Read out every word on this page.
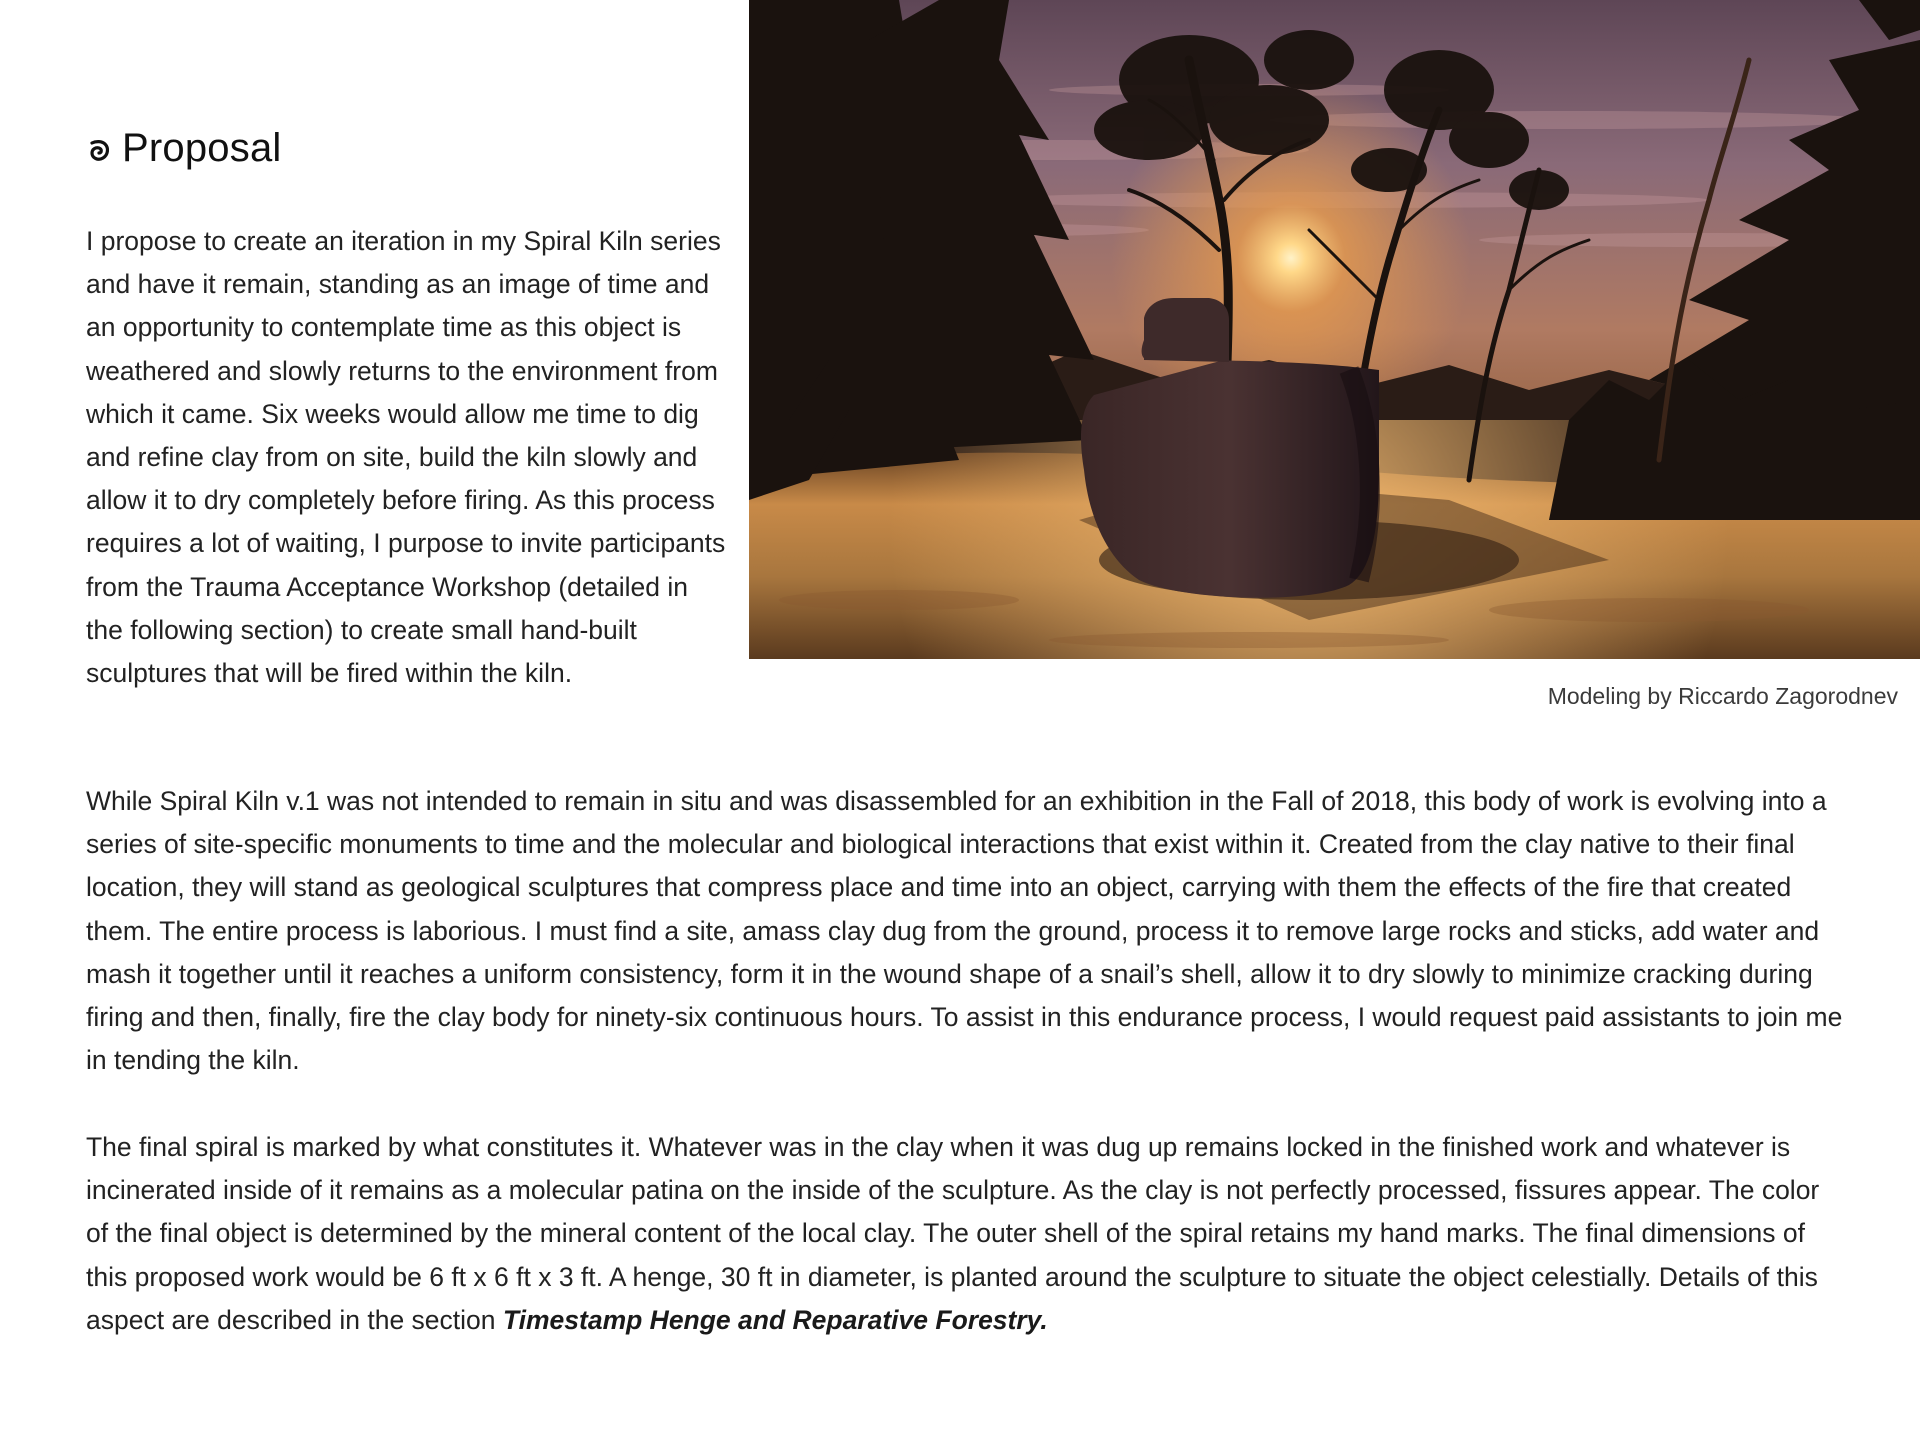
Proposal

I propose to create an iteration in my Spiral Kiln series and have it remain, standing as an image of time and an opportunity to contemplate time as this object is weathered and slowly returns to the environment from which it came. Six weeks would allow me time to dig and refine clay from on site, build the kiln slowly and allow it to dry completely before firing. As this process requires a lot of waiting, I purpose to invite participants from the Trauma Acceptance Workshop (detailed in the following section) to create small hand-built sculptures that will be fired within the kiln.

Modeling by Riccardo Zagorodnev

While Spiral Kiln v.1 was not intended to remain in situ and was disassembled for an exhibition in the Fall of 2018, this body of work is evolving into a series of site-specific monuments to time and the molecular and biological interactions that exist within it. Created from the clay native to their final location, they will stand as geological sculptures that compress place and time into an object, carrying with them the effects of the fire that created them. The entire process is laborious. I must find a site, amass clay dug from the ground, process it to remove large rocks and sticks, add water and mash it together until it reaches a uniform consistency, form it in the wound shape of a snail’s shell, allow it to dry slowly to minimize cracking during firing and then, finally, fire the clay body for ninety-six continuous hours. To assist in this endurance process, I would request paid assistants to join me in tending the kiln.

The final spiral is marked by what constitutes it. Whatever was in the clay when it was dug up remains locked in the finished work and whatever is incinerated inside of it remains as a molecular patina on the inside of the sculpture. As the clay is not perfectly processed, fissures appear. The color of the final object is determined by the mineral content of the local clay. The outer shell of the spiral retains my hand marks. The final dimensions of this proposed work would be 6 ft x 6 ft x 3 ft. A henge, 30 ft in diameter, is planted around the sculpture to situate the object celestially. Details of this aspect are described in the section Timestamp Henge and Reparative Forestry.
